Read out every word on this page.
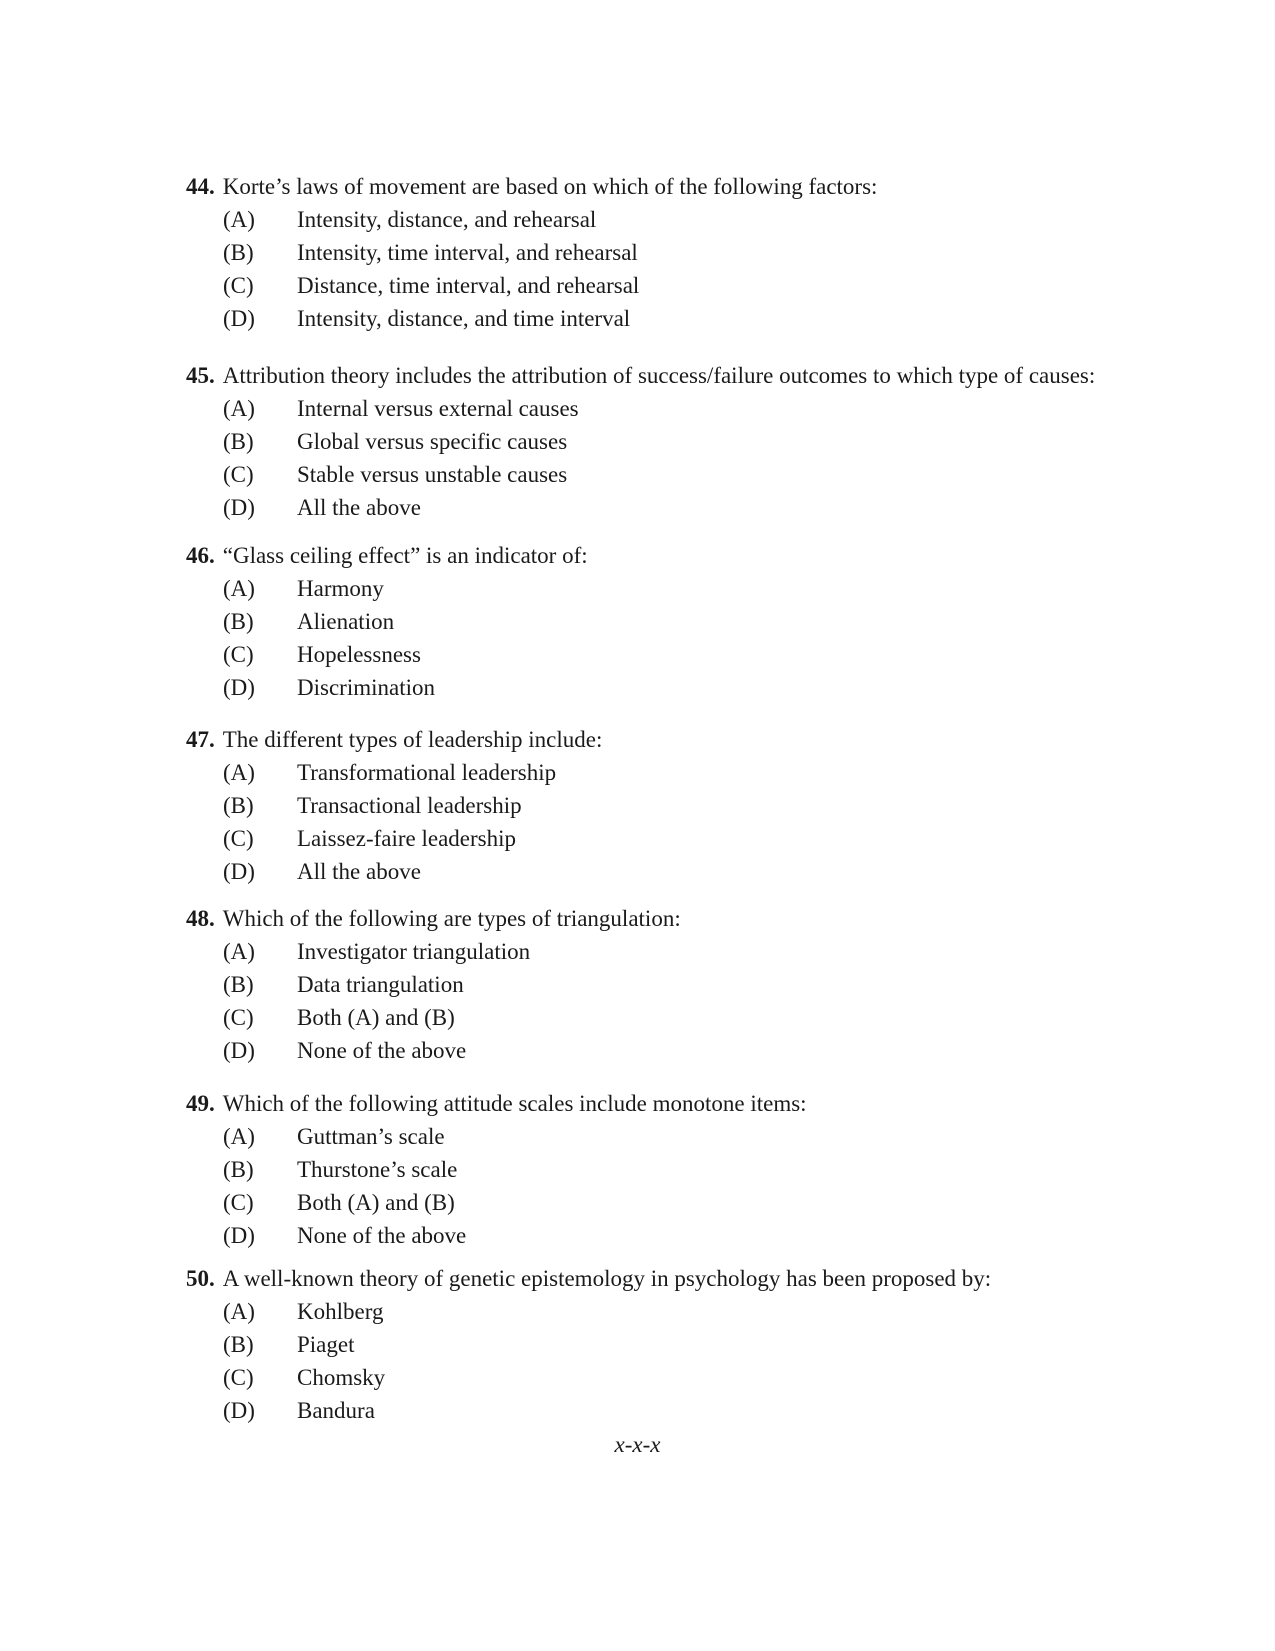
44. Korte’s laws of movement are based on which of the following factors:
(A) Intensity, distance, and rehearsal
(B) Intensity, time interval, and rehearsal
(C) Distance, time interval, and rehearsal
(D) Intensity, distance, and time interval
45. Attribution theory includes the attribution of success/failure outcomes to which type of causes:
(A) Internal versus external causes
(B) Global versus specific causes
(C) Stable versus unstable causes
(D) All the above
46. “Glass ceiling effect” is an indicator of:
(A) Harmony
(B) Alienation
(C) Hopelessness
(D) Discrimination
47. The different types of leadership include:
(A) Transformational leadership
(B) Transactional leadership
(C) Laissez-faire leadership
(D) All the above
48. Which of the following are types of triangulation:
(A) Investigator triangulation
(B) Data triangulation
(C) Both (A) and (B)
(D) None of the above
49. Which of the following attitude scales include monotone items:
(A) Guttman’s scale
(B) Thurstone’s scale
(C) Both (A) and (B)
(D) None of the above
50. A well-known theory of genetic epistemology in psychology has been proposed by:
(A) Kohlberg
(B) Piaget
(C) Chomsky
(D) Bandura
x-x-x
